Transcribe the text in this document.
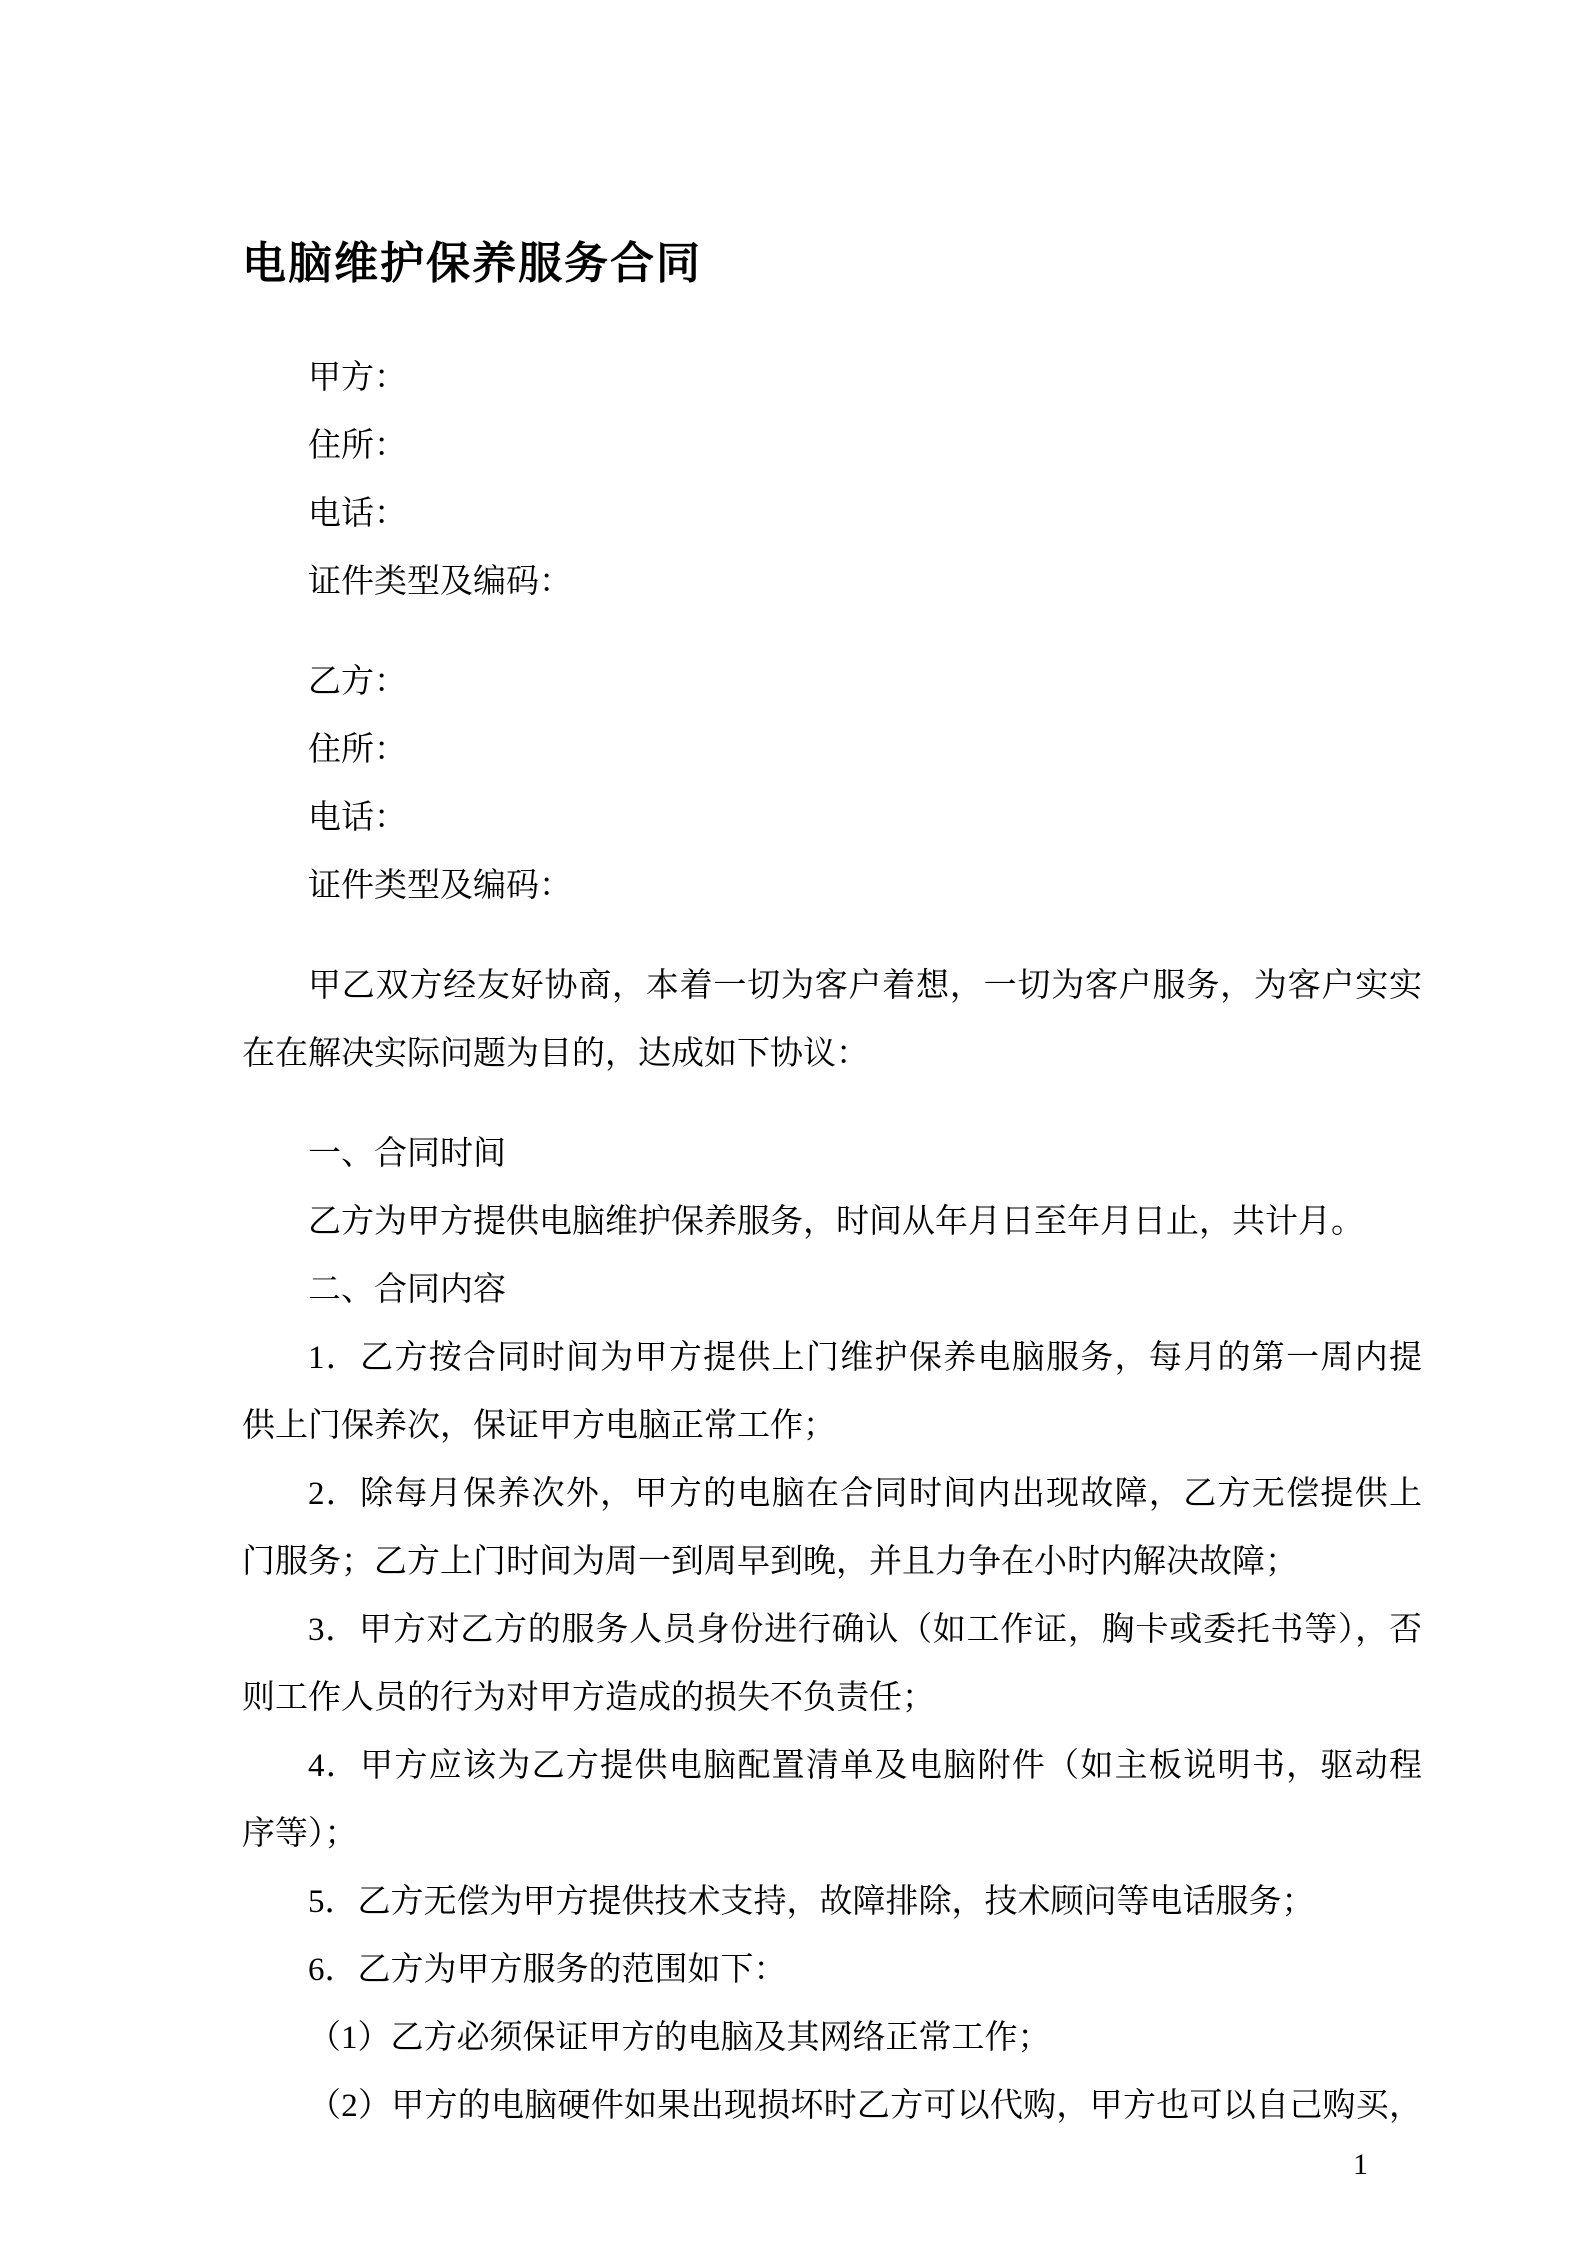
电脑维护保养服务合同
甲方：
住所：
电话：
证件类型及编码：
乙方：
住所：
电话：
证件类型及编码：
甲乙双方经友好协商，本着一切为客户着想，一切为客户服务，为客户实实
在在解决实际问题为目的，达成如下协议：
一、合同时间
乙方为甲方提供电脑维护保养服务，时间从年月日至年月日止，共计月。
二、合同内容
1．乙方按合同时间为甲方提供上门维护保养电脑服务，每月的第一周内提
供上门保养次，保证甲方电脑正常工作；
2．除每月保养次外，甲方的电脑在合同时间内出现故障，乙方无偿提供上
门服务；乙方上门时间为周一到周早到晚，并且力争在小时内解决故障；
3．甲方对乙方的服务人员身份进行确认（如工作证，胸卡或委托书等），否
则工作人员的行为对甲方造成的损失不负责任；
4．甲方应该为乙方提供电脑配置清单及电脑附件（如主板说明书，驱动程
序等）；
5．乙方无偿为甲方提供技术支持，故障排除，技术顾问等电话服务；
6．乙方为甲方服务的范围如下：
（1）乙方必须保证甲方的电脑及其网络正常工作；
（2）甲方的电脑硬件如果出现损坏时乙方可以代购，甲方也可以自己购买，
1
